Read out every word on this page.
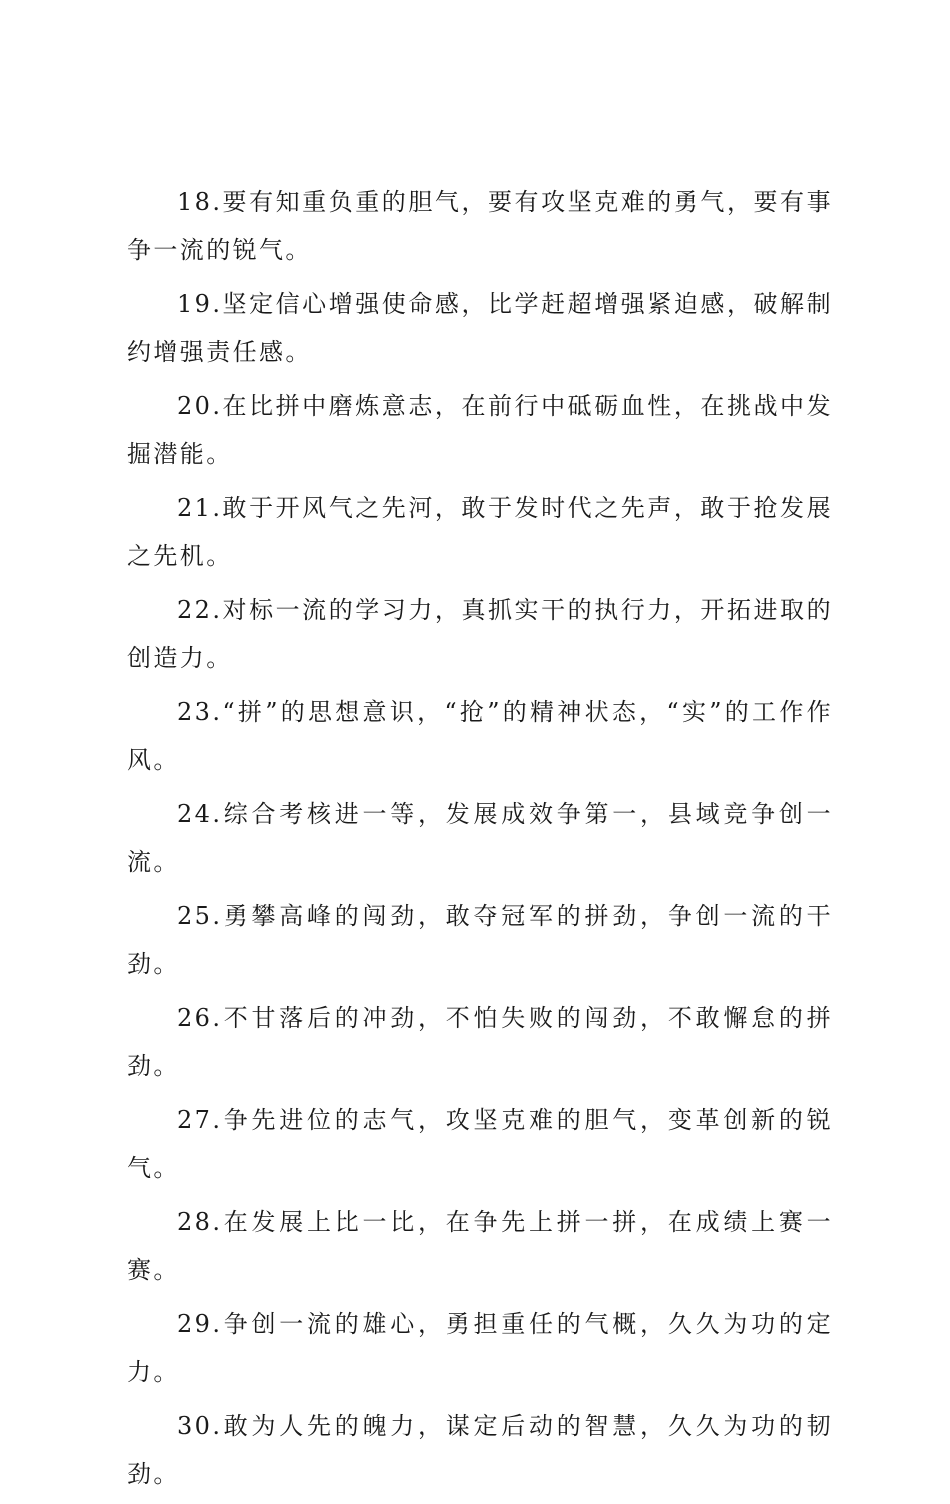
18.要有知重负重的胆气，要有攻坚克难的勇气，要有事争一流的锐气。

19.坚定信心增强使命感，比学赶超增强紧迫感，破解制约增强责任感。

20.在比拼中磨炼意志，在前行中砥砺血性，在挑战中发掘潜能。

21.敢于开风气之先河，敢于发时代之先声，敢于抢发展之先机。

22.对标一流的学习力，真抓实干的执行力，开拓进取的创造力。

23.“拼”的思想意识，“抢”的精神状态，“实”的工作作风。

24.综合考核进一等，发展成效争第一，县域竞争创一流。

25.勇攀高峰的闯劲，敢夺冠军的拼劲，争创一流的干劲。

26.不甘落后的冲劲，不怕失败的闯劲，不敢懈怠的拼劲。

27.争先进位的志气，攻坚克难的胆气，变革创新的锐气。

28.在发展上比一比，在争先上拼一拼，在成绩上赛一赛。

29.争创一流的雄心，勇担重任的气概，久久为功的定力。

30.敢为人先的魄力，谋定后动的智慧，久久为功的韧劲。
